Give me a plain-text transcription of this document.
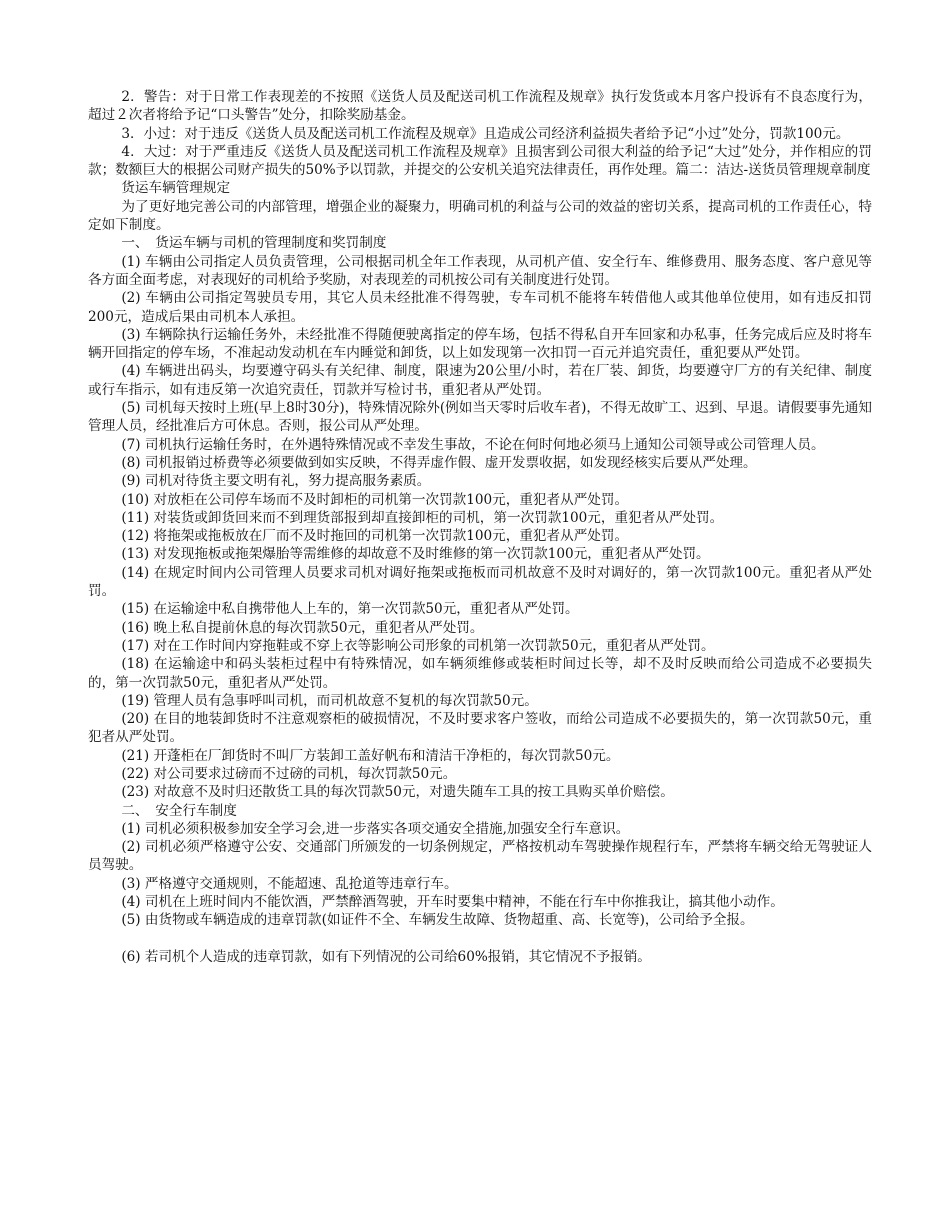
2．警告：对于日常工作表现差的不按照《送货人员及配送司机工作流程及规章》执行发货或本月客户投诉有不良态度行为，超过２次者将给予记“口头警告”处分，扣除奖励基金。

3．小过：对于违反《送货人员及配送司机工作流程及规章》且造成公司经济利益损失者给予记“小过”处分，罚款100元。

4．大过：对于严重违反《送货人员及配送司机工作流程及规章》且损害到公司很大利益的给予记“大过”处分，并作相应的罚款；数额巨大的根据公司财产损失的50%予以罚款，并提交的公安机关追究法律责任，再作处理。篇二：洁达-送货员管理规章制度

货运车辆管理规定

为了更好地完善公司的内部管理，增强企业的凝聚力，明确司机的利益与公司的效益的密切关系，提高司机的工作责任心，特定如下制度。

一、　货运车辆与司机的管理制度和奖罚制度

(1) 车辆由公司指定人员负责管理，公司根据司机全年工作表现，从司机产值、安全行车、维修费用、服务态度、客户意见等各方面全面考虑，对表现好的司机给予奖励，对表现差的司机按公司有关制度进行处罚。

(2) 车辆由公司指定驾驶员专用，其它人员未经批准不得驾驶，专车司机不能将车转借他人或其他单位使用，如有违反扣罚200元，造成后果由司机本人承担。

(3) 车辆除执行运输任务外，未经批准不得随便驶离指定的停车场，包括不得私自开车回家和办私事，任务完成后应及时将车辆开回指定的停车场，不准起动发动机在车内睡觉和卸货，以上如发现第一次扣罚一百元并追究责任，重犯要从严处罚。

(4) 车辆进出码头，均要遵守码头有关纪律、制度，限速为20公里/小时，若在厂装、卸货，均要遵守厂方的有关纪律、制度或行车指示，如有违反第一次追究责任，罚款并写检讨书，重犯者从严处罚。

(5) 司机每天按时上班(早上8时30分)，特殊情况除外(例如当天零时后收车者)，不得无故旷工、迟到、早退。请假要事先通知管理人员，经批准后方可休息。否则，报公司从严处理。

(7) 司机执行运输任务时，在外遇特殊情况或不幸发生事故，不论在何时何地必须马上通知公司领导或公司管理人员。

(8) 司机报销过桥费等必须要做到如实反映，不得弄虚作假、虚开发票收据，如发现经核实后要从严处理。

(9) 司机对待货主要文明有礼，努力提高服务素质。

(10) 对放柜在公司停车场而不及时卸柜的司机第一次罚款100元，重犯者从严处罚。

(11) 对装货或卸货回来而不到理货部报到却直接卸柜的司机，第一次罚款100元，重犯者从严处罚。

(12) 将拖架或拖板放在厂而不及时拖回的司机第一次罚款100元，重犯者从严处罚。

(13) 对发现拖板或拖架爆胎等需维修的却故意不及时维修的第一次罚款100元，重犯者从严处罚。

(14) 在规定时间内公司管理人员要求司机对调好拖架或拖板而司机故意不及时对调好的，第一次罚款100元。重犯者从严处罚。

(15) 在运输途中私自携带他人上车的，第一次罚款50元，重犯者从严处罚。

(16) 晚上私自提前休息的每次罚款50元，重犯者从严处罚。

(17) 对在工作时间内穿拖鞋或不穿上衣等影响公司形象的司机第一次罚款50元，重犯者从严处罚。

(18) 在运输途中和码头装柜过程中有特殊情况，如车辆须维修或装柜时间过长等，却不及时反映而给公司造成不必要损失的，第一次罚款50元，重犯者从严处罚。

(19) 管理人员有急事呼叫司机，而司机故意不复机的每次罚款50元。

(20) 在目的地装卸货时不注意观察柜的破损情况，不及时要求客户签收，而给公司造成不必要损失的，第一次罚款50元，重犯者从严处罚。

(21) 开蓬柜在厂卸货时不叫厂方装卸工盖好帆布和清洁干净柜的，每次罚款50元。

(22) 对公司要求过磅而不过磅的司机，每次罚款50元。

(23) 对故意不及时归还散货工具的每次罚款50元，对遗失随车工具的按工具购买单价赔偿。

二、　安全行车制度

(1) 司机必须积极参加安全学习会,进一步落实各项交通安全措施,加强安全行车意识。

(2) 司机必须严格遵守公安、交通部门所颁发的一切条例规定，严格按机动车驾驶操作规程行车，严禁将车辆交给无驾驶证人员驾驶。

(3) 严格遵守交通规则，不能超速、乱抢道等违章行车。

(4) 司机在上班时间内不能饮酒，严禁醉酒驾驶，开车时要集中精神，不能在行车中你推我让，搞其他小动作。

(5) 由货物或车辆造成的违章罚款(如证件不全、车辆发生故障、货物超重、高、长宽等)，公司给予全报。

(6) 若司机个人造成的违章罚款，如有下列情况的公司给60%报销，其它情况不予报销。
